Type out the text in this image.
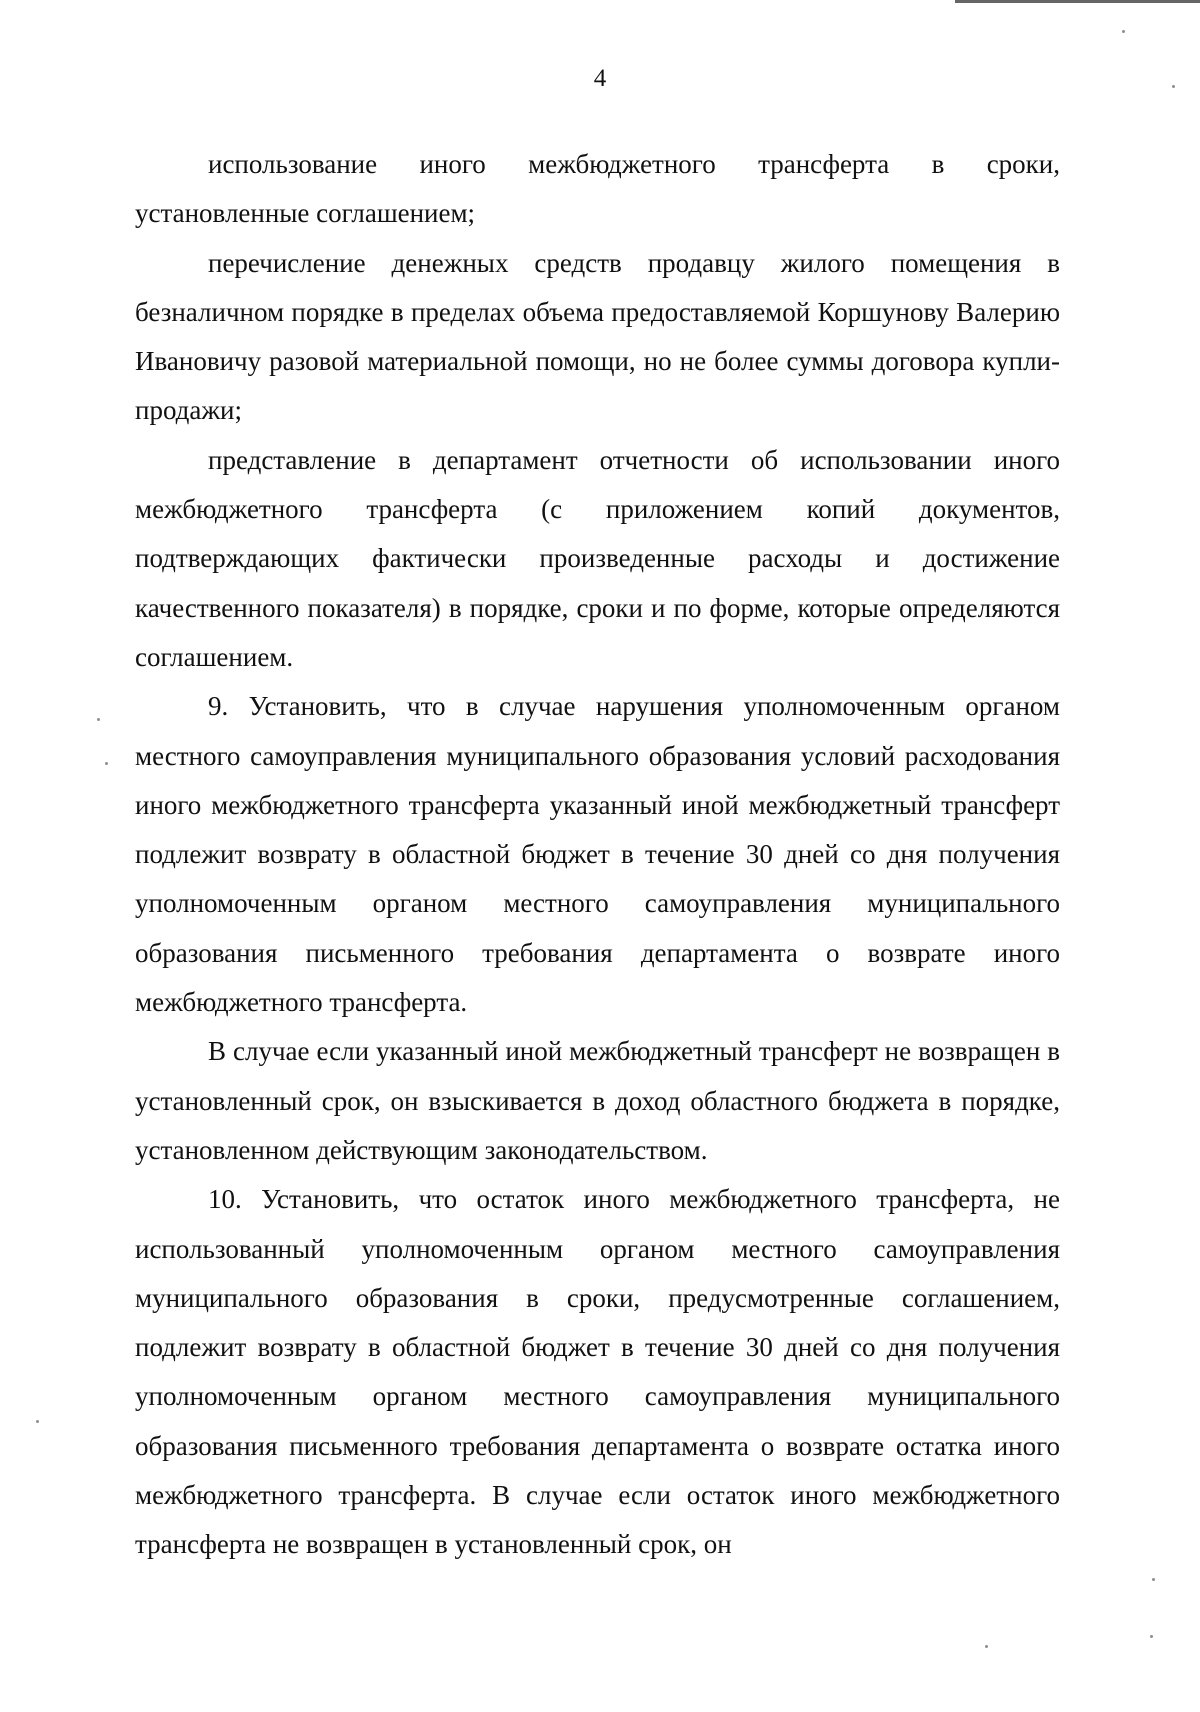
4

использование иного межбюджетного трансферта в сроки, установленные соглашением;

перечисление денежных средств продавцу жилого помещения в безналичном порядке в пределах объема предоставляемой Коршунову Валерию Ивановичу разовой материальной помощи, но не более суммы договора купли-продажи;

представление в департамент отчетности об использовании иного межбюджетного трансферта (с приложением копий документов, подтверждающих фактически произведенные расходы и достижение качественного показателя) в порядке, сроки и по форме, которые определяются соглашением.

9. Установить, что в случае нарушения уполномоченным органом местного самоуправления муниципального образования условий расходования иного межбюджетного трансферта указанный иной межбюджетный трансферт подлежит возврату в областной бюджет в течение 30 дней со дня получения уполномоченным органом местного самоуправления муниципального образования письменного требования департамента о возврате иного межбюджетного трансферта.

В случае если указанный иной межбюджетный трансферт не возвращен в установленный срок, он взыскивается в доход областного бюджета в порядке, установленном действующим законодательством.

10. Установить, что остаток иного межбюджетного трансферта, не использованный уполномоченным органом местного самоуправления муниципального образования в сроки, предусмотренные соглашением, подлежит возврату в областной бюджет в течение 30 дней со дня получения уполномоченным органом местного самоуправления муниципального образования письменного требования департамента о возврате остатка иного межбюджетного трансферта. В случае если остаток иного межбюджетного трансферта не возвращен в установленный срок, он
